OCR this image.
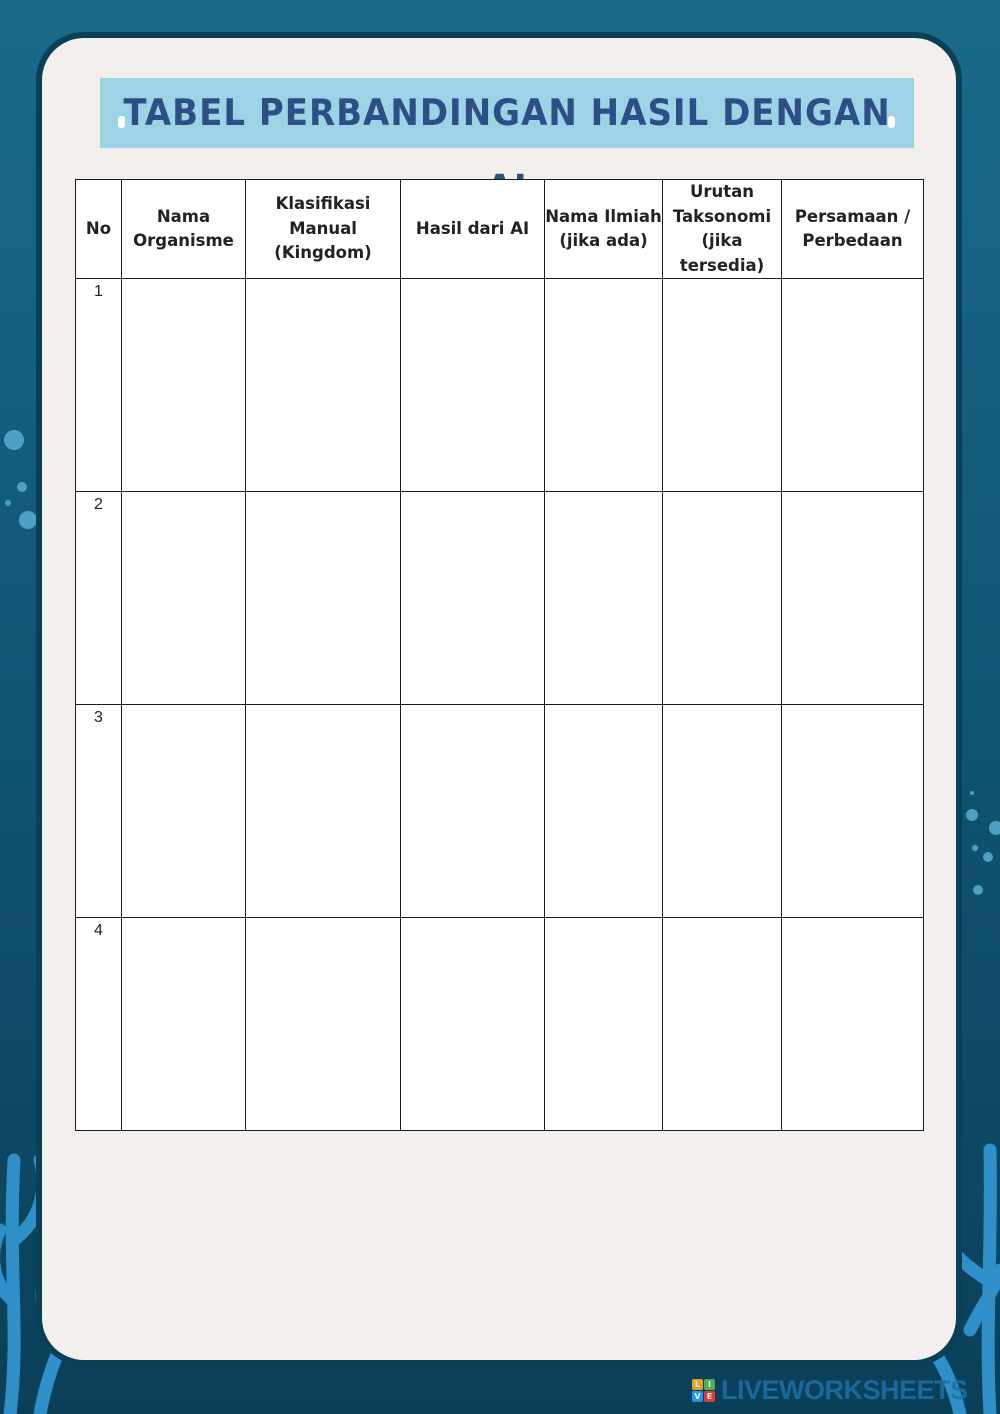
TABEL PERBANDINGAN HASIL DENGAN
No	Nama Organisme	Klasifikasi Manual (Kingdom)	Hasil dari AI	Nama Ilmiah (jika ada)	Urutan Taksonomi (jika tersedia)	Persamaan / Perbedaan
1						
2						
3						
4						
L I
V E LIVEWORKSHEETS
